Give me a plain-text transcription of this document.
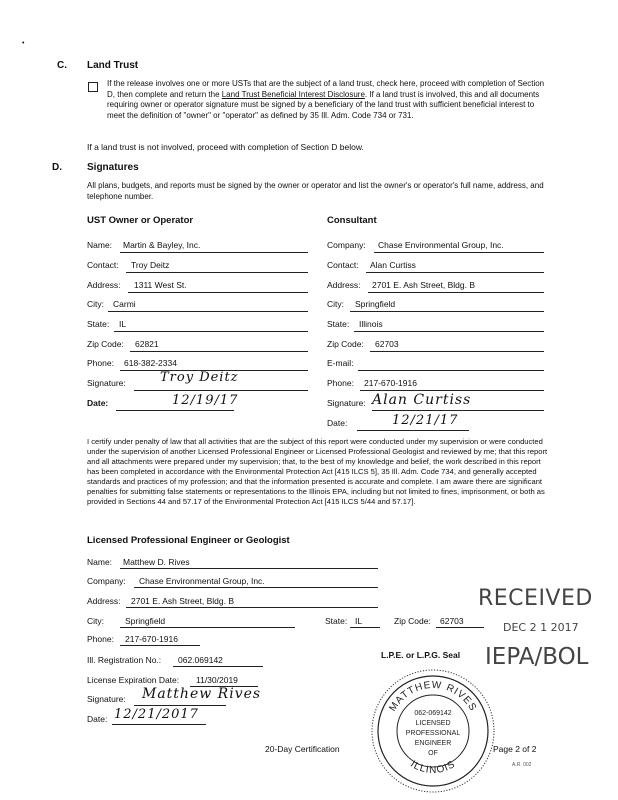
•
C. Land Trust
If the release involves one or more USTs that are the subject of a land trust, check here, proceed with completion of Section D, then complete and return the Land Trust Beneficial Interest Disclosure. If a land trust is involved, this and all documents requiring owner or operator signature must be signed by a beneficiary of the land trust with sufficient beneficial interest to meet the definition of "owner" or "operator" as defined by 35 Ill. Adm. Code 734 or 731.
If a land trust is not involved, proceed with completion of Section D below.
D.	Signatures
All plans, budgets, and reports must be signed by the owner or operator and list the owner's or operator's full name, address, and telephone number.
UST Owner or Operator
Name: Martin & Bayley, Inc.
Contact: Troy Deitz
Address: 1311 West St.
City: Carmi
State: IL
Zip Code: 62821
Phone: 618-382-2334
Signature:	Troy Deitz
Date:	12/19/17
Consultant
Company: Chase Environmental Group, Inc.
Contact: Alan Curtiss
Address: 2701 E. Ash Street, Bldg. B
City: Springfield
State: Illinois
Zip Code: 62703
E-mail:
Phone: 217-670-1916
Signature: Alan Curtiss
Date:	12/21/17
I certify under penalty of law that all activities that are the subject of this report were conducted under my supervision or were conducted under the supervision of another Licensed Professional Engineer or Licensed Professional Geologist and reviewed by me; that this report and all attachments were prepared under my supervision; that, to the best of my knowledge and belief, the work described in this report has been completed in accordance with the Environmental Protection Act [415 ILCS 5], 35 Ill. Adm. Code 734, and generally accepted standards and practices of my profession; and that the information presented is accurate and complete. I am aware there are significant penalties for submitting false statements or representations to the Illinois EPA, including but not limited to fines, imprisonment, or both as provided in Sections 44 and 57.17 of the Environmental Protection Act [415 ILCS 5/44 and 57.17].
Licensed Professional Engineer or Geologist
Name: Matthew D. Rives
Company: Chase Environmental Group, Inc.
Address: 2701 E. Ash Street, Bldg. B
City: Springfield	State: IL	Zip Code: 62703
Phone: 217-670-1916
Ill. Registration No.: 062.069142
License Expiration Date: 11/30/2019
Signature: Matthew Rives
Date: 12/21/2017
L.P.E. or L.P.G. Seal
RECEIVED
DEC 2 1 2017
IEPA/BOL
MATTHEW RIVES
ILLINOIS
062-069142
LICENSED
PROFESSIONAL
ENGINEER
OF
20-Day Certification	Page 2 of 2
A.R. 002
